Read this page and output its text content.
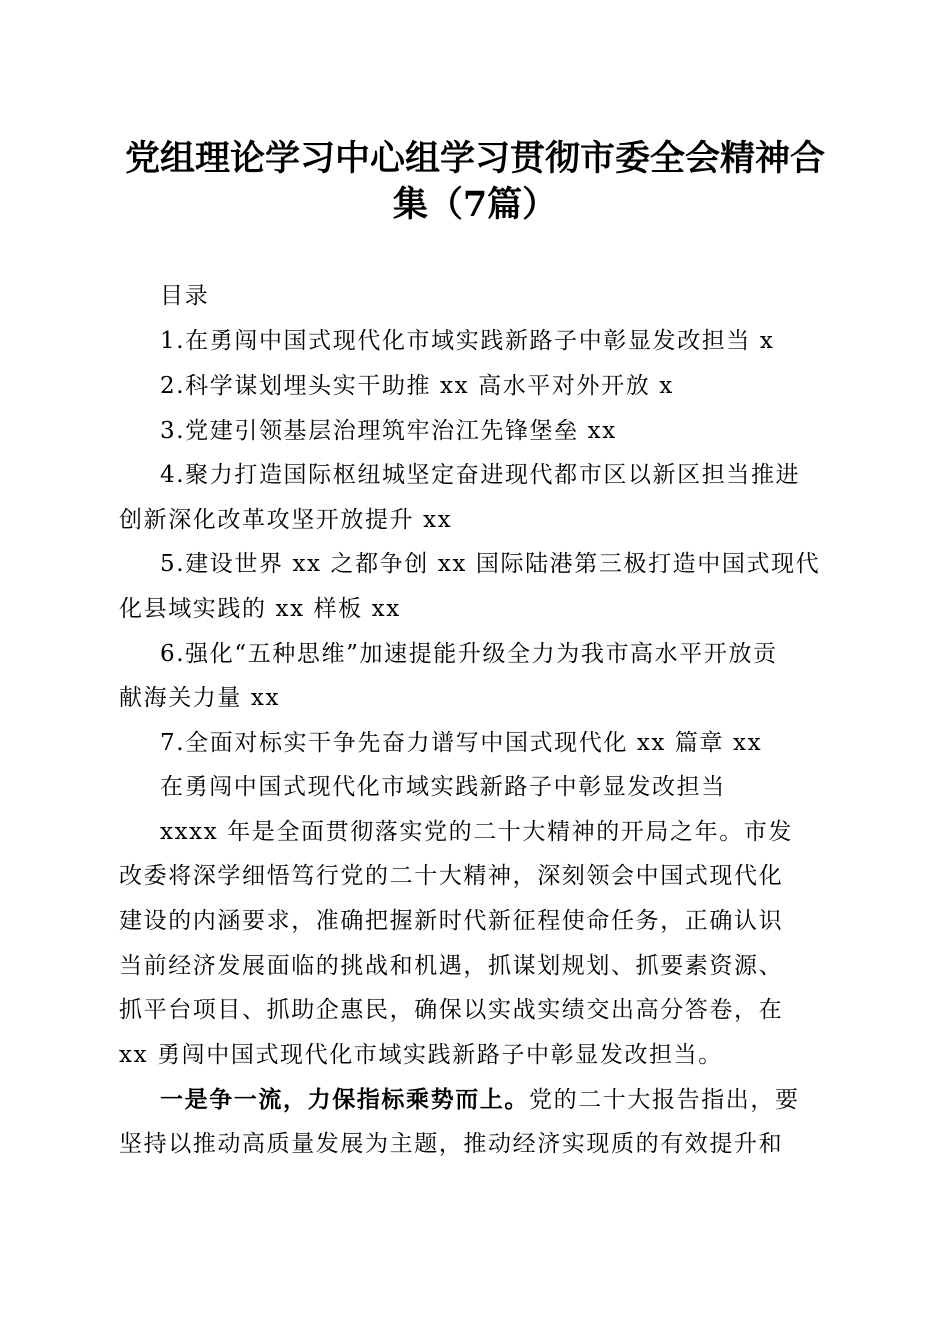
党组理论学习中心组学习贯彻市委全会精神合
集（7篇）
目录
1.在勇闯中国式现代化市域实践新路子中彰显发改担当 x
2.科学谋划埋头实干助推 xx 高水平对外开放 x
3.党建引领基层治理筑牢治江先锋堡垒 xx
4.聚力打造国际枢纽城坚定奋进现代都市区以新区担当推进
创新深化改革攻坚开放提升 xx
5.建设世界 xx 之都争创 xx 国际陆港第三极打造中国式现代
化县域实践的 xx 样板 xx
6.强化“五种思维”加速提能升级全力为我市高水平开放贡
献海关力量 xx
7.全面对标实干争先奋力谱写中国式现代化 xx 篇章 xx
在勇闯中国式现代化市域实践新路子中彰显发改担当
xxxx 年是全面贯彻落实党的二十大精神的开局之年。市发
改委将深学细悟笃行党的二十大精神，深刻领会中国式现代化
建设的内涵要求，准确把握新时代新征程使命任务，正确认识
当前经济发展面临的挑战和机遇，抓谋划规划、抓要素资源、
抓平台项目、抓助企惠民，确保以实战实绩交出高分答卷，在
xx 勇闯中国式现代化市域实践新路子中彰显发改担当。
一是争一流，力保指标乘势而上。党的二十大报告指出，要
坚持以推动高质量发展为主题，推动经济实现质的有效提升和
